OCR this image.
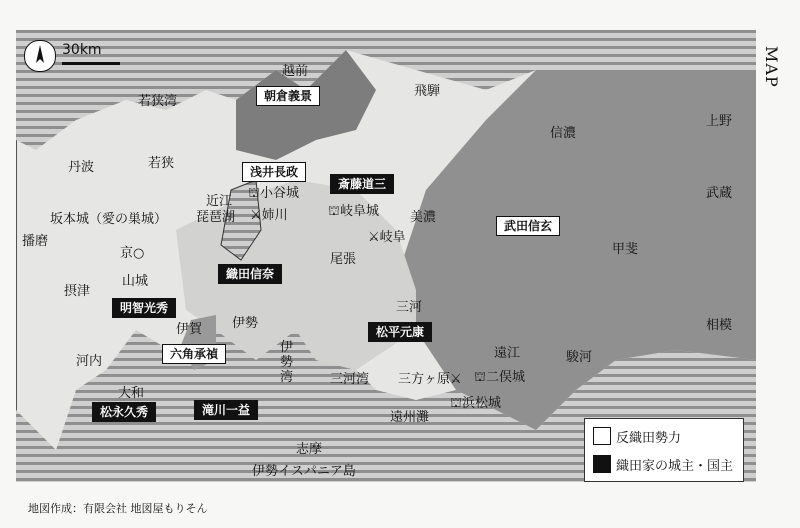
30km	MAP
越前
飛騨
若狭湾
丹波	若狭
信濃
上野
武蔵
甲斐
相模
近江
琵琶湖	美濃
尾張
播磨
摂津
山城
伊賀 伊勢
三河
遠江	駿河
河内
大和
志摩
伊勢湾	三河湾
遠州灘
伊勢イスパニア島
⛫小谷城
⚔姉川	⛫岐阜城
⚔岐阜
坂本城（愛の巣城）
京○
三方ヶ原⚔ ⛫二俣城
⛫浜松城
朝倉義景
浅井長政
斎藤道三
武田信玄
織田信奈
明智光秀
松平元康
六角承禎
松永久秀	滝川一益
反織田勢力
織田家の城主・国主
地図作成：有限会社 地図屋もりそん
